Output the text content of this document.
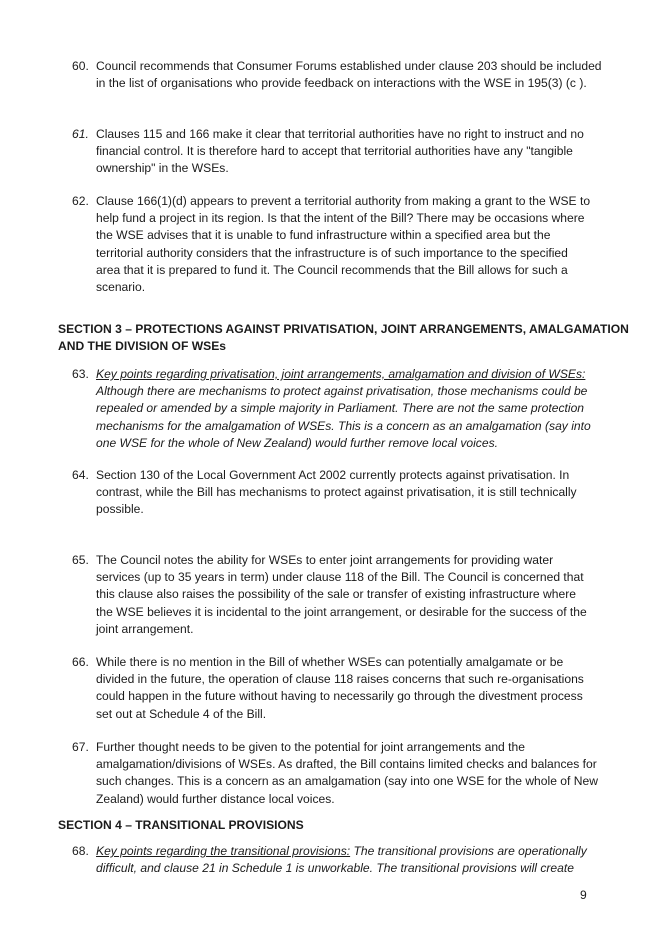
60. Council recommends that Consumer Forums established under clause 203 should be included
in the list of organisations who provide feedback on interactions with the WSE in 195(3) (c ).
61. Clauses 115 and 166 make it clear that territorial authorities have no right to instruct and no
financial control. It is therefore hard to accept that territorial authorities have any "tangible
ownership" in the WSEs.
62. Clause 166(1)(d) appears to prevent a territorial authority from making a grant to the WSE to
help fund a project in its region. Is that the intent of the Bill? There may be occasions where
the WSE advises that it is unable to fund infrastructure within a specified area but the
territorial authority considers that the infrastructure is of such importance to the specified
area that it is prepared to fund it. The Council recommends that the Bill allows for such a
scenario.
SECTION 3 – PROTECTIONS AGAINST PRIVATISATION, JOINT ARRANGEMENTS, AMALGAMATION
AND THE DIVISION OF WSEs
63. Key points regarding privatisation, joint arrangements, amalgamation and division of WSEs:
Although there are mechanisms to protect against privatisation, those mechanisms could be
repealed or amended by a simple majority in Parliament. There are not the same protection
mechanisms for the amalgamation of WSEs. This is a concern as an amalgamation (say into
one WSE for the whole of New Zealand) would further remove local voices.
64. Section 130 of the Local Government Act 2002 currently protects against privatisation. In
contrast, while the Bill has mechanisms to protect against privatisation, it is still technically
possible.
65. The Council notes the ability for WSEs to enter joint arrangements for providing water
services (up to 35 years in term) under clause 118 of the Bill. The Council is concerned that
this clause also raises the possibility of the sale or transfer of existing infrastructure where
the WSE believes it is incidental to the joint arrangement, or desirable for the success of the
joint arrangement.
66. While there is no mention in the Bill of whether WSEs can potentially amalgamate or be
divided in the future, the operation of clause 118 raises concerns that such re-organisations
could happen in the future without having to necessarily go through the divestment process
set out at Schedule 4 of the Bill.
67. Further thought needs to be given to the potential for joint arrangements and the
amalgamation/divisions of WSEs. As drafted, the Bill contains limited checks and balances for
such changes. This is a concern as an amalgamation (say into one WSE for the whole of New
Zealand) would further distance local voices.
SECTION 4 – TRANSITIONAL PROVISIONS
68. Key points regarding the transitional provisions: The transitional provisions are operationally
difficult, and clause 21 in Schedule 1 is unworkable. The transitional provisions will create
9
